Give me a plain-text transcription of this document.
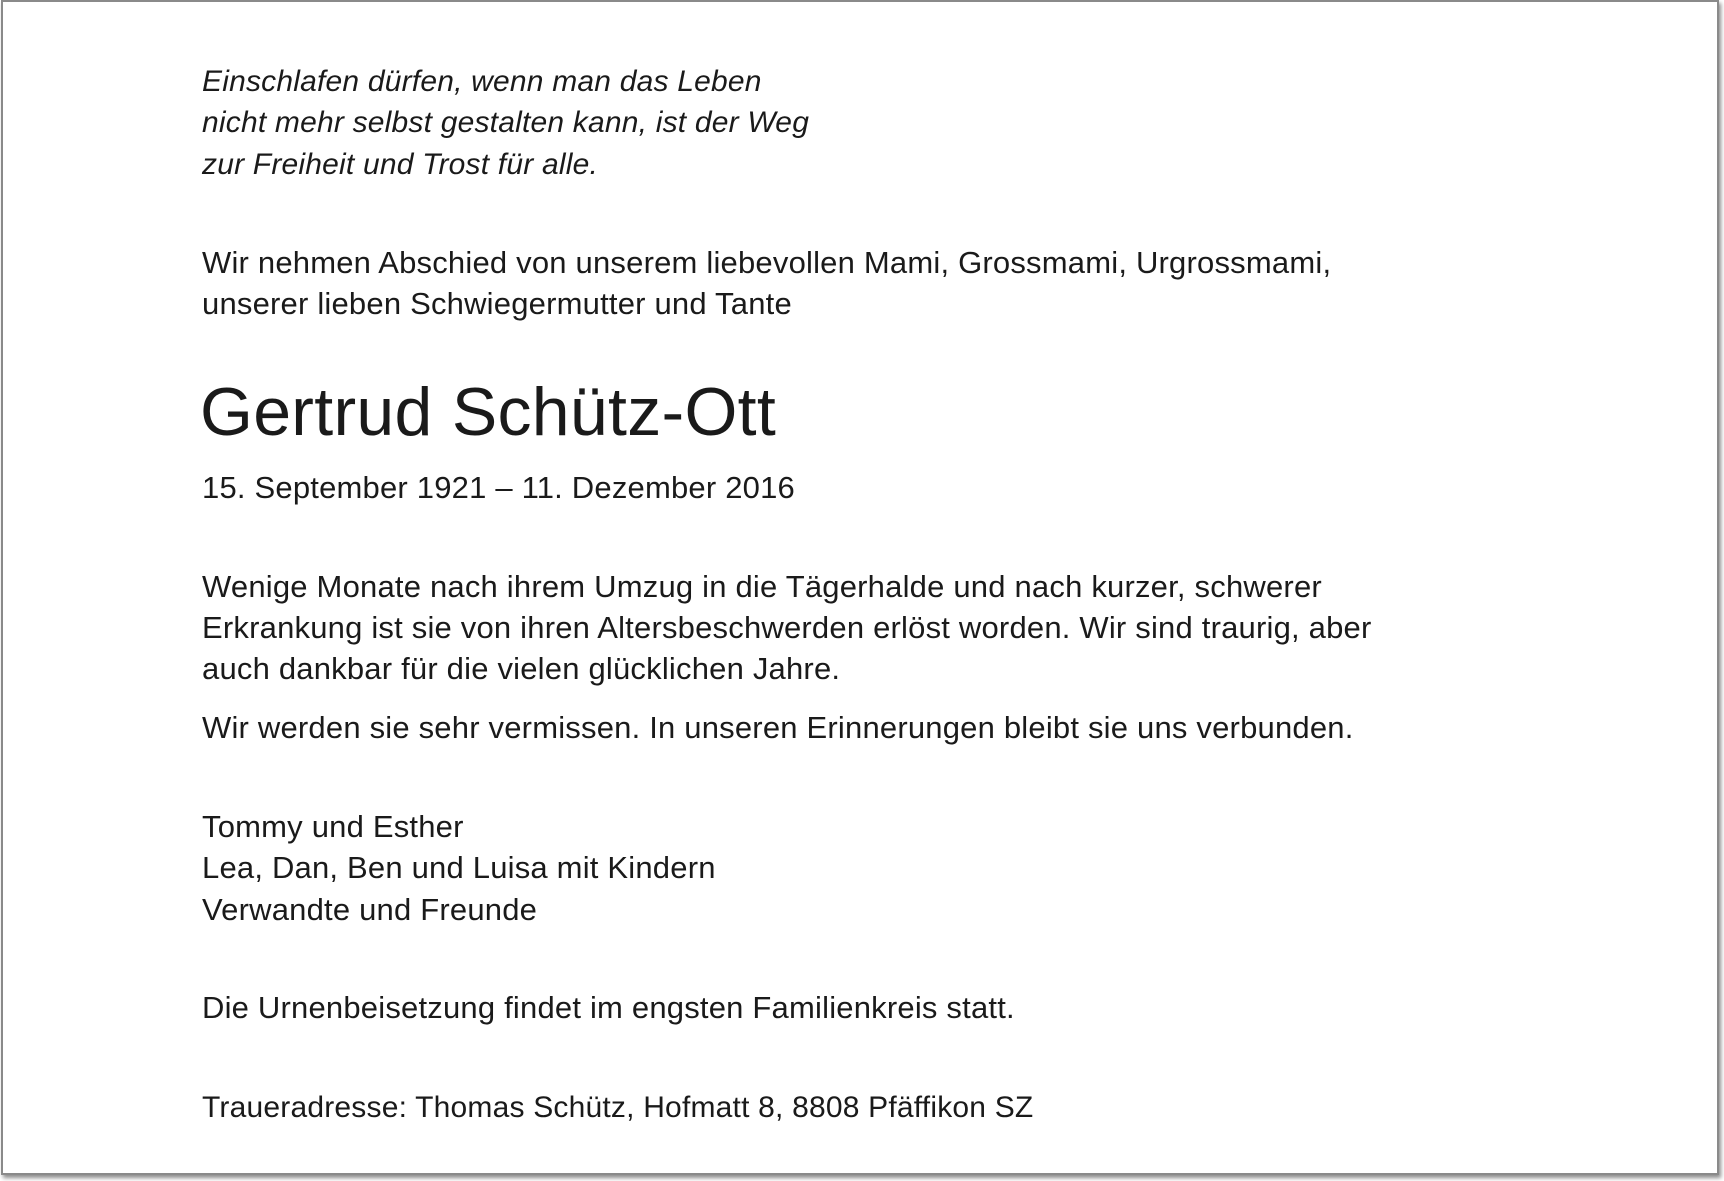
Einschlafen dürfen, wenn man das Leben
nicht mehr selbst gestalten kann, ist der Weg
zur Freiheit und Trost für alle.
Wir nehmen Abschied von unserem liebevollen Mami, Grossmami, Urgrossmami,
unserer lieben Schwiegermutter und Tante
Gertrud Schütz-Ott
15. September 1921 – 11. Dezember 2016
Wenige Monate nach ihrem Umzug in die Tägerhalde und nach kurzer, schwerer
Erkrankung ist sie von ihren Altersbeschwerden erlöst worden. Wir sind traurig, aber
auch dankbar für die vielen glücklichen Jahre.
Wir werden sie sehr vermissen. In unseren Erinnerungen bleibt sie uns verbunden.
Tommy und Esther
Lea, Dan, Ben und Luisa mit Kindern
Verwandte und Freunde
Die Urnenbeisetzung findet im engsten Familienkreis statt.
Traueradresse: Thomas Schütz, Hofmatt 8, 8808 Pfäffikon SZ
